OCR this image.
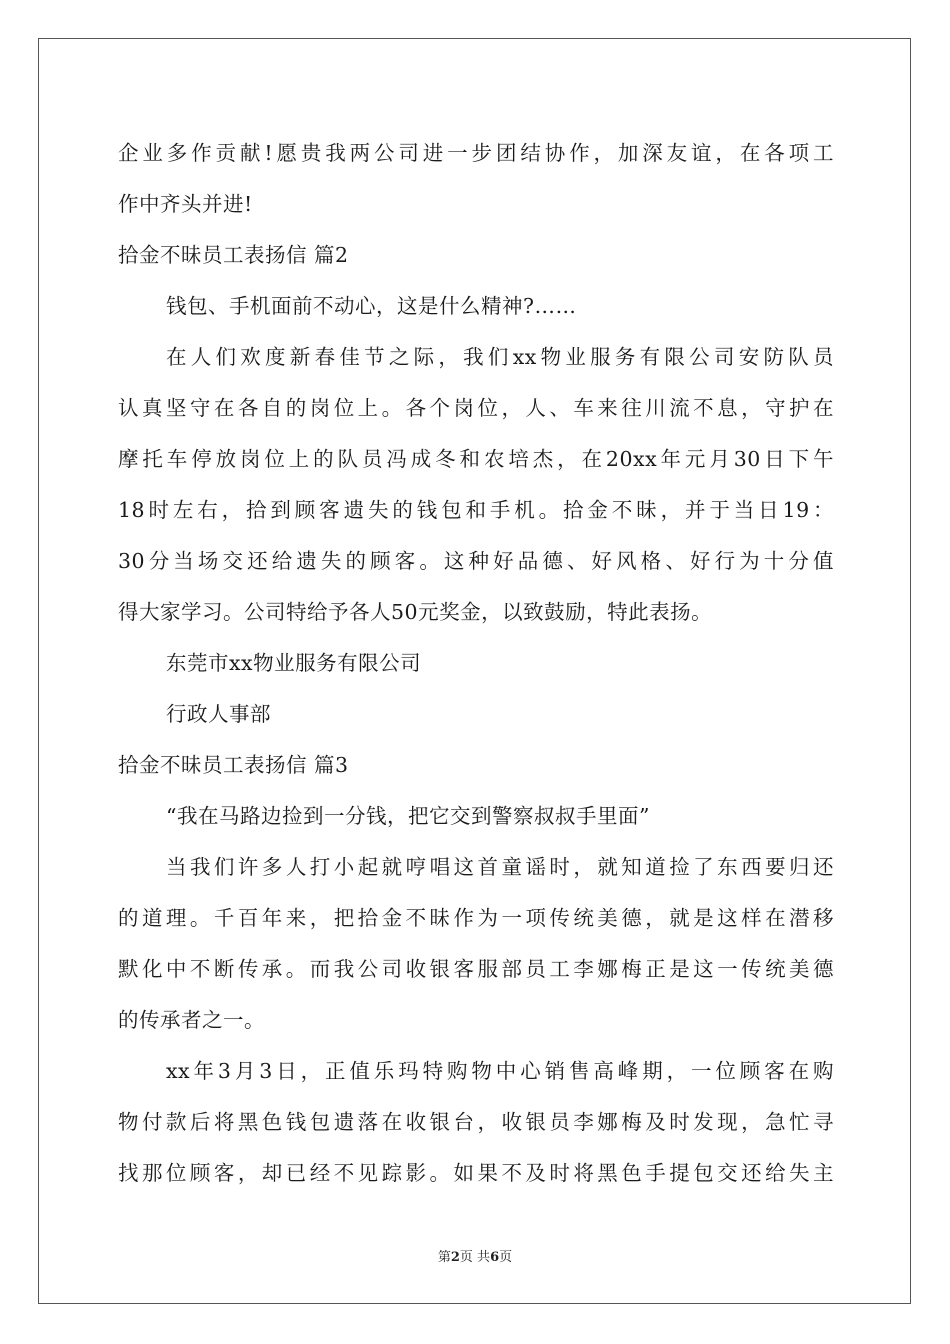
企业多作贡献!愿贵我两公司进一步团结协作，加深友谊，在各项工
作中齐头并进!
拾金不昧员工表扬信 篇2
钱包、手机面前不动心，这是什么精神?……
在人们欢度新春佳节之际，我们xx物业服务有限公司安防队员
认真坚守在各自的岗位上。各个岗位，人、车来往川流不息，守护在
摩托车停放岗位上的队员冯成冬和农培杰，在20xx年元月30日下午
18时左右，拾到顾客遗失的钱包和手机。拾金不昧，并于当日19：
30分当场交还给遗失的顾客。这种好品德、好风格、好行为十分值
得大家学习。公司特给予各人50元奖金，以致鼓励，特此表扬。
东莞市xx物业服务有限公司
行政人事部
拾金不昧员工表扬信 篇3
“我在马路边捡到一分钱，把它交到警察叔叔手里面”
当我们许多人打小起就哼唱这首童谣时，就知道捡了东西要归还
的道理。千百年来，把拾金不昧作为一项传统美德，就是这样在潜移
默化中不断传承。而我公司收银客服部员工李娜梅正是这一传统美德
的传承者之一。
xx年3月3日，正值乐玛特购物中心销售高峰期，一位顾客在购
物付款后将黑色钱包遗落在收银台，收银员李娜梅及时发现，急忙寻
找那位顾客，却已经不见踪影。如果不及时将黑色手提包交还给失主
第2页 共6页
